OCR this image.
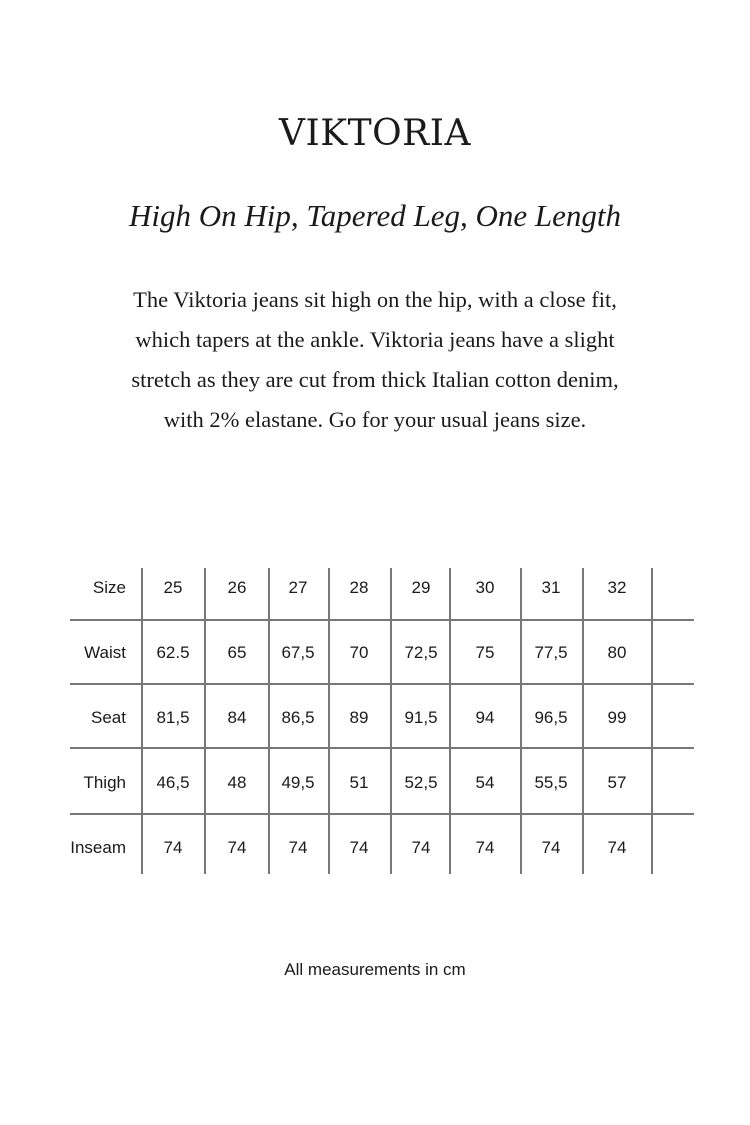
VIKTORIA
High On Hip, Tapered Leg, One Length
The Viktoria jeans sit high on the hip, with a close fit,
which tapers at the ankle. Viktoria jeans have a slight
stretch as they are cut from thick Italian cotton denim,
with 2% elastane. Go for your usual jeans size.
Size	25	26	27	28	29	30	31	32
Waist	62.5	65	67,5	70	72,5	75	77,5	80
Seat	81,5	84	86,5	89	91,5	94	96,5	99
Thigh	46,5	48	49,5	51	52,5	54	55,5	57
Inseam	74	74	74	74	74	74	74	74
All measurements in cm
